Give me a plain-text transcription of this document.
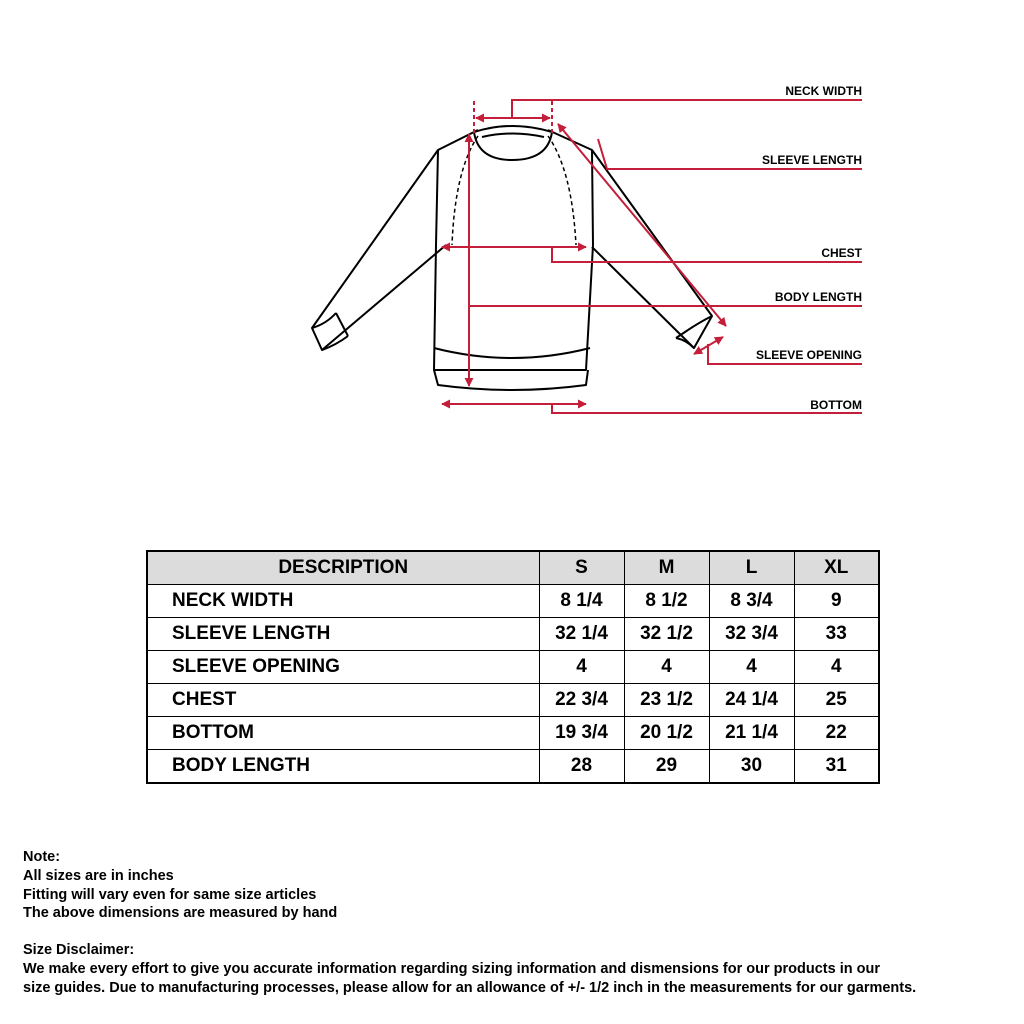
NECK WIDTH
SLEEVE LENGTH
CHEST
BODY LENGTH
SLEEVE OPENING
BOTTOM
DESCRIPTION	S	M	L	XL
NECK WIDTH	8 1/4	8 1/2	8 3/4	9
SLEEVE LENGTH	32 1/4	32 1/2	32 3/4	33
SLEEVE OPENING	4	4	4	4
CHEST	22 3/4	23 1/2	24 1/4	25
BOTTOM	19 3/4	20 1/2	21 1/4	22
BODY LENGTH	28	29	30	31

Note:

All sizes are in inches

Fitting will vary even for same size articles

The above dimensions are measured by hand

Size Disclaimer:

We make every effort to give you accurate information regarding sizing information and dismensions for our products in our

size guides. Due to manufacturing processes, please allow for an allowance of +/- 1/2 inch in the measurements for our garments.
